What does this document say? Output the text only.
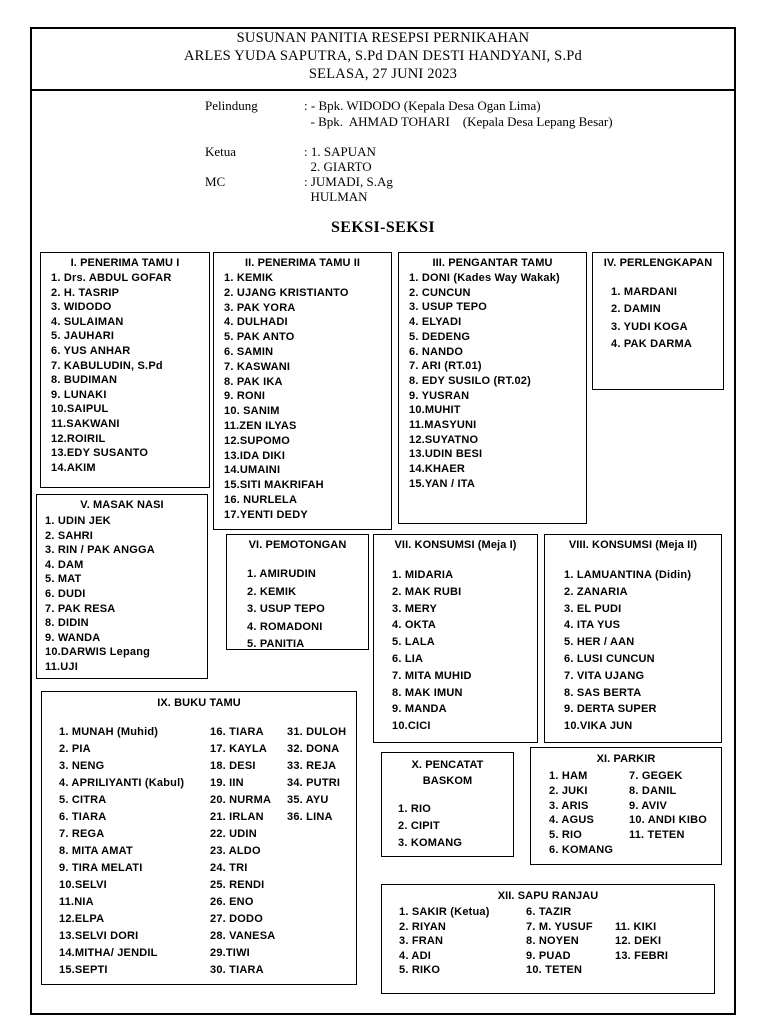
SUSUNAN PANITIA RESEPSI PERNIKAHAN
ARLES YUDA SAPUTRA, S.Pd DAN DESTI HANDYANI, S.Pd
SELASA, 27 JUNI 2023
Pelindung	: - Bpk. WIDODO (Kepala Desa Ogan Lima)
- Bpk.  AHMAD TOHARI    (Kepala Desa Lepang Besar)
Ketua	: 1. SAPUAN
2. GIARTO
MC	: JUMADI, S.Ag
HULMAN
SEKSI-SEKSI
I. PENERIMA TAMU I
1. Drs. ABDUL GOFAR
2. H. TASRIP
3. WIDODO
4. SULAIMAN
5. JAUHARI
6. YUS ANHAR
7. KABULUDIN, S.Pd
8. BUDIMAN
9. LUNAKI
10.SAIPUL
11.SAKWANI
12.ROIRIL
13.EDY SUSANTO
14.AKIM
II. PENERIMA TAMU II
1. KEMIK
2. UJANG KRISTIANTO
3. PAK YORA
4. DULHADI
5. PAK ANTO
6. SAMIN
7. KASWANI
8. PAK IKA
9. RONI
10. SANIM
11.ZEN ILYAS
12.SUPOMO
13.IDA DIKI
14.UMAINI
15.SITI MAKRIFAH
16. NURLELA
17.YENTI DEDY
III. PENGANTAR TAMU
1. DONI (Kades Way Wakak)
2. CUNCUN
3. USUP TEPO
4. ELYADI
5. DEDENG
6. NANDO
7. ARI (RT.01)
8. EDY SUSILO (RT.02)
9. YUSRAN
10.MUHIT
11.MASYUNI
12.SUYATNO
13.UDIN BESI
14.KHAER
15.YAN / ITA
IV. PERLENGKAPAN
1. MARDANI
2. DAMIN
3. YUDI KOGA
4. PAK DARMA
V. MASAK NASI
1. UDIN JEK
2. SAHRI
3. RIN / PAK ANGGA
4. DAM
5. MAT
6. DUDI
7. PAK RESA
8. DIDIN
9. WANDA
10.DARWIS Lepang
11.UJI
VI. PEMOTONGAN
1. AMIRUDIN
2. KEMIK
3. USUP TEPO
4. ROMADONI
5. PANITIA
VII. KONSUMSI (Meja I)
1. MIDARIA
2. MAK RUBI
3. MERY
4. OKTA
5. LALA
6. LIA
7. MITA MUHID
8. MAK IMUN
9. MANDA
10.CICI
VIII. KONSUMSI (Meja II)
1. LAMUANTINA (Didin)
2. ZANARIA
3. EL PUDI
4. ITA YUS
5. HER / AAN
6. LUSI CUNCUN
7. VITA UJANG
8. SAS BERTA
9. DERTA SUPER
10.VIKA JUN
IX. BUKU TAMU
1. MUNAH (Muhid)
2. PIA
3. NENG
4. APRILIYANTI (Kabul)
5. CITRA
6. TIARA
7. REGA
8. MITA AMAT
9. TIRA MELATI
10.SELVI
11.NIA
12.ELPA
13.SELVI DORI
14.MITHA/ JENDIL
15.SEPTI
16. TIARA
17. KAYLA
18. DESI
19. IIN
20. NURMA
21. IRLAN
22. UDIN
23. ALDO
24. TRI
25. RENDI
26. ENO
27. DODO
28. VANESA
29.TIWI
30. TIARA
31. DULOH
32. DONA
33. REJA
34. PUTRI
35. AYU
36. LINA
X. PENCATAT
BASKOM
1. RIO
2. CIPIT
3. KOMANG
XI. PARKIR
1. HAM
2. JUKI
3. ARIS
4. AGUS
5. RIO
6. KOMANG
7. GEGEK
8. DANIL
9. AVIV
10. ANDI KIBO
11. TETEN
XII. SAPU RANJAU
1. SAKIR (Ketua)
2. RIYAN
3. FRAN
4. ADI
5. RIKO
6. TAZIR
7. M. YUSUF
8. NOYEN
9. PUAD
10. TETEN
11. KIKI
12. DEKI
13. FEBRI
